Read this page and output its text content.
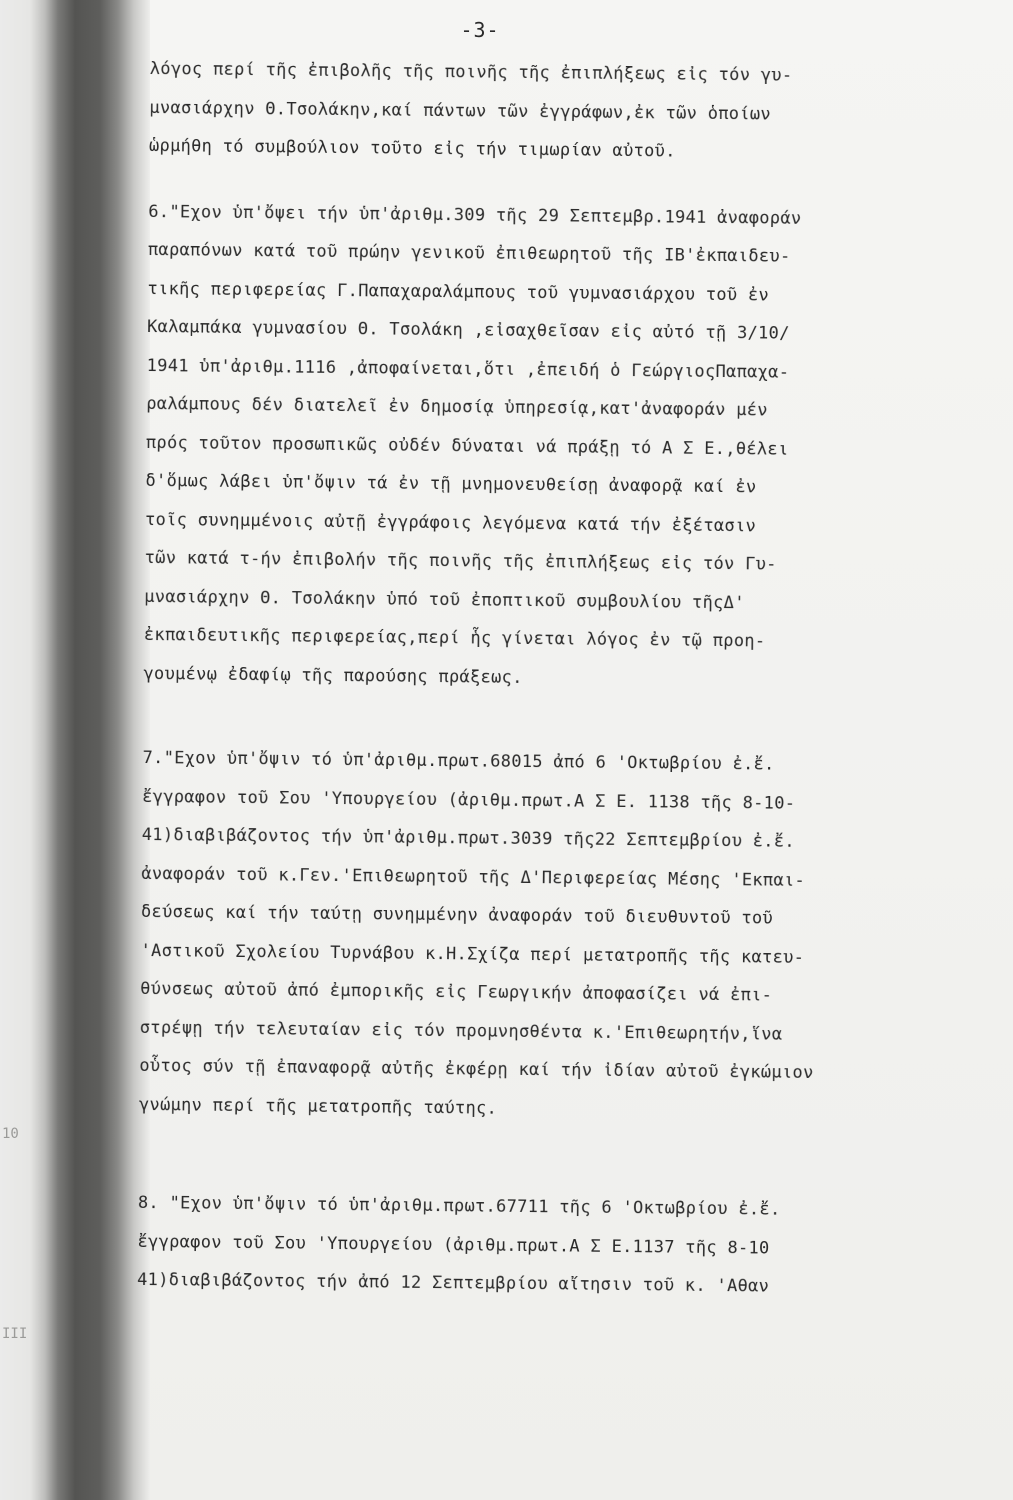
-3-
10
III
λόγος περί τῆς ἐπιβολῆς τῆς ποινῆς τῆς ἐπιπλήξεως εἰς τόν γυ-
μνασιάρχην Θ.Τσολάκην,καί πάντων τῶν ἐγγράφων,ἐκ τῶν ὁποίων
ὡρμήθη τό συμβούλιον τοῦτο εἰς τήν τιμωρίαν αὐτοῦ.
6."Εχον ὑπ'ὄψει τήν ὑπ'ἀριθμ.309 τῆς 29 Σεπτεμβρ.1941 ἀναφοράν
παραπόνων κατά τοῦ πρώην γενικοῦ ἐπιθεωρητοῦ τῆς ΙΒ'ἐκπαιδευ-
τικῆς περιφερείας Γ.Παπαχαραλάμπους τοῦ γυμνασιάρχου τοῦ ἐν
Καλαμπάκα γυμνασίου Θ. Τσολάκη ,εἰσαχθεῖσαν εἰς αὐτό τῇ 3/10/
1941 ὑπ'ἀριθμ.1116 ,ἀποφαίνεται,ὅτι ,ἐπειδή ὁ ΓεώργιοςΠαπαχα-
ραλάμπους δέν διατελεῖ ἐν δημοσίᾳ ὑπηρεσίᾳ,κατ'ἀναφοράν μέν
πρός τοῦτον προσωπικῶς οὐδέν δύναται νά πράξῃ τό Α Σ Ε.,θέλει
δ'ὅμως λάβει ὑπ'ὄψιν τά ἐν τῇ μνημονευθείσῃ ἀναφορᾷ καί ἐν
τοῖς συνημμένοις αὐτῇ ἐγγράφοις λεγόμενα κατά τήν ἐξέτασιν
τῶν κατά τ-ήν ἐπιβολήν τῆς ποινῆς τῆς ἐπιπλήξεως εἰς τόν Γυ-
μνασιάρχην Θ. Τσολάκην ὑπό τοῦ ἐποπτικοῦ συμβουλίου τῆςΔ'
ἐκπαιδευτικῆς περιφερείας,περί ἧς γίνεται λόγος ἐν τῷ προη-
γουμένῳ ἐδαφίῳ τῆς παρούσης πράξεως.
7."Εχον ὑπ'ὄψιν τό ὑπ'ἀριθμ.πρωτ.68015 ἀπό 6 'Οκτωβρίου ἐ.ἔ.
ἔγγραφον τοῦ Σου 'Υπουργείου (ἀριθμ.πρωτ.Α Σ Ε. 1138 τῆς 8-10-
41)διαβιβάζοντος τήν ὑπ'ἀριθμ.πρωτ.3039 τῆς22 Σεπτεμβρίου ἐ.ἔ.
ἀναφοράν τοῦ κ.Γεν.'Επιθεωρητοῦ τῆς Δ'Περιφερείας Μέσης 'Εκπαι-
δεύσεως καί τήν ταύτῃ συνημμένην ἀναφοράν τοῦ διευθυντοῦ τοῦ
'Αστικοῦ Σχολείου Τυρνάβου κ.Η.Σχίζα περί μετατροπῆς τῆς κατευ-
θύνσεως αὐτοῦ ἀπό ἐμπορικῆς εἰς Γεωργικήν ἀποφασίζει νά ἐπι-
στρέψῃ τήν τελευταίαν εἰς τόν προμνησθέντα κ.'Επιθεωρητήν,ἵνα
οὗτος σύν τῇ ἐπαναφορᾷ αὐτῆς ἐκφέρῃ καί τήν ἰδίαν αὐτοῦ ἐγκώμιον
γνώμην περί τῆς μετατροπῆς ταύτης.
8. "Εχον ὑπ'ὄψιν τό ὑπ'ἀριθμ.πρωτ.67711 τῆς 6 'Οκτωβρίου ἐ.ἔ.
ἔγγραφον τοῦ Σου 'Υπουργείου (ἀριθμ.πρωτ.Α Σ Ε.1137 τῆς 8-10
41)διαβιβάζοντος τήν ἀπό 12 Σεπτεμβρίου αἴτησιν τοῦ κ. 'Αθαν
